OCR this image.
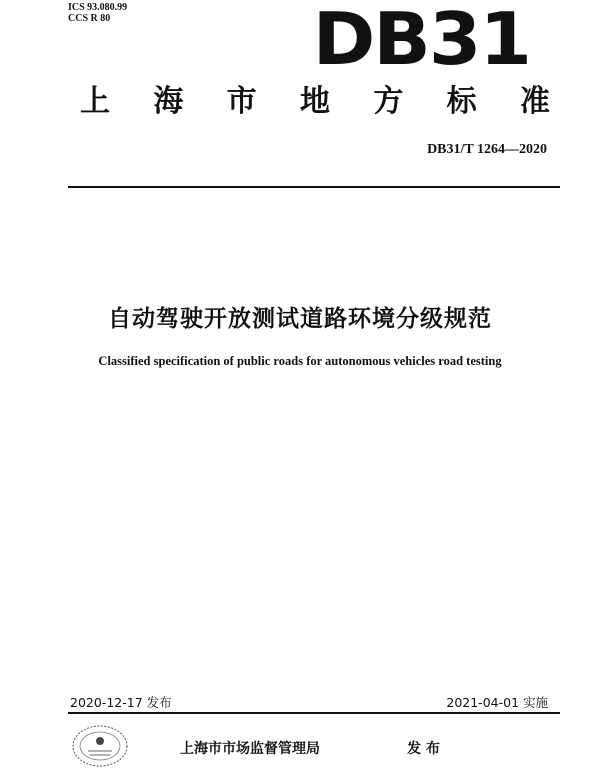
ICS 93.080.99
CCS R 80	DB31
上 海 市 地 方 标 准
DB31/T 1264—2020
自动驾驶开放测试道路环境分级规范
Classified specification of public roads for autonomous vehicles road testing
2020-12-17 发布	2021-04-01 实施
上海市市场监督管理局	发 布
